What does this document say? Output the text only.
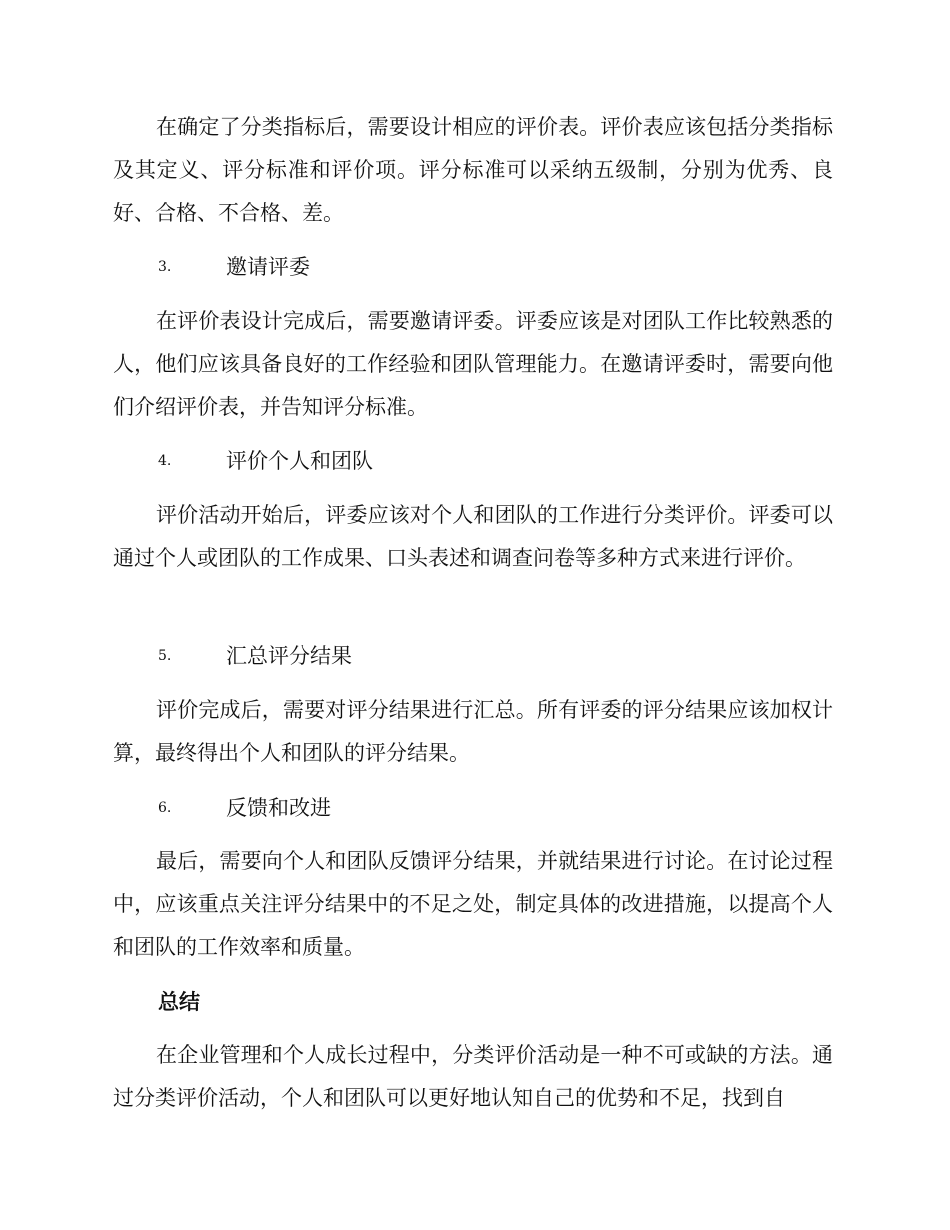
在确定了分类指标后，需要设计相应的评价表。评价表应该包括分类指标及其定义、评分标准和评价项。评分标准可以采纳五级制，分别为优秀、良好、合格、不合格、差。

3.	邀请评委

在评价表设计完成后，需要邀请评委。评委应该是对团队工作比较熟悉的人，他们应该具备良好的工作经验和团队管理能力。在邀请评委时，需要向他们介绍评价表，并告知评分标准。

4.	评价个人和团队

评价活动开始后，评委应该对个人和团队的工作进行分类评价。评委可以通过个人或团队的工作成果、口头表述和调查问卷等多种方式来进行评价。

5.	汇总评分结果

评价完成后，需要对评分结果进行汇总。所有评委的评分结果应该加权计算，最终得出个人和团队的评分结果。

6.	反馈和改进

最后，需要向个人和团队反馈评分结果，并就结果进行讨论。在讨论过程中，应该重点关注评分结果中的不足之处，制定具体的改进措施，以提高个人和团队的工作效率和质量。

总结

在企业管理和个人成长过程中，分类评价活动是一种不可或缺的方法。通过分类评价活动，个人和团队可以更好地认知自己的优势和不足，找到自
